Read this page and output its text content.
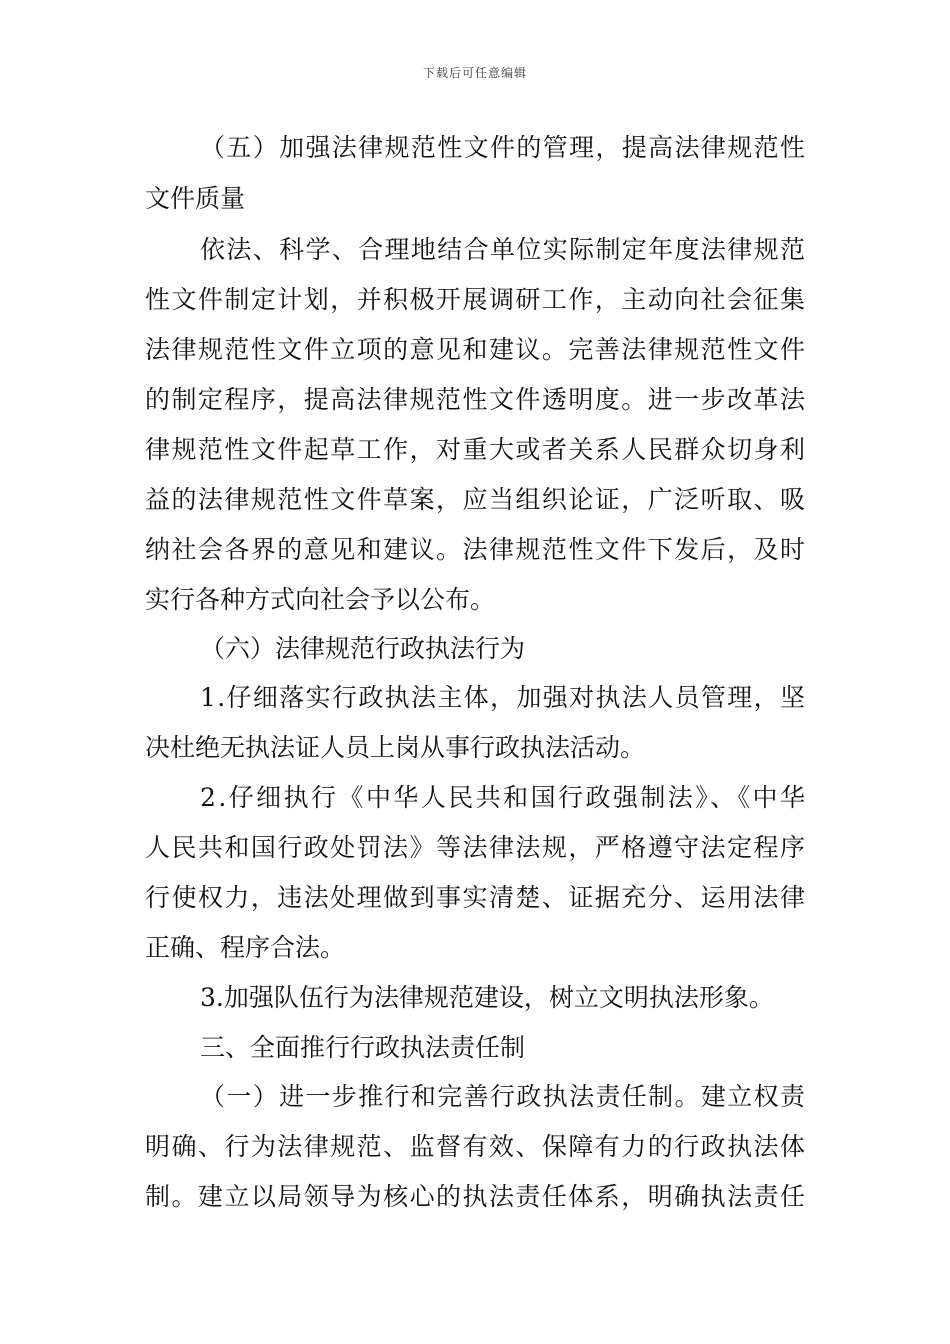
下载后可任意编辑
（五）加强法律规范性文件的管理，提高法律规范性
文件质量
依法、科学、合理地结合单位实际制定年度法律规范
性文件制定计划，并积极开展调研工作，主动向社会征集
法律规范性文件立项的意见和建议。完善法律规范性文件
的制定程序，提高法律规范性文件透明度。进一步改革法
律规范性文件起草工作，对重大或者关系人民群众切身利
益的法律规范性文件草案，应当组织论证，广泛听取、吸
纳社会各界的意见和建议。法律规范性文件下发后，及时
实行各种方式向社会予以公布。
（六）法律规范行政执法行为
1.仔细落实行政执法主体，加强对执法人员管理，坚
决杜绝无执法证人员上岗从事行政执法活动。
2.仔细执行《中华人民共和国行政强制法》、《中华
人民共和国行政处罚法》等法律法规，严格遵守法定程序
行使权力，违法处理做到事实清楚、证据充分、运用法律
正确、程序合法。
3.加强队伍行为法律规范建设，树立文明执法形象。
三、全面推行行政执法责任制
（一）进一步推行和完善行政执法责任制。建立权责
明确、行为法律规范、监督有效、保障有力的行政执法体
制。建立以局领导为核心的执法责任体系，明确执法责任
